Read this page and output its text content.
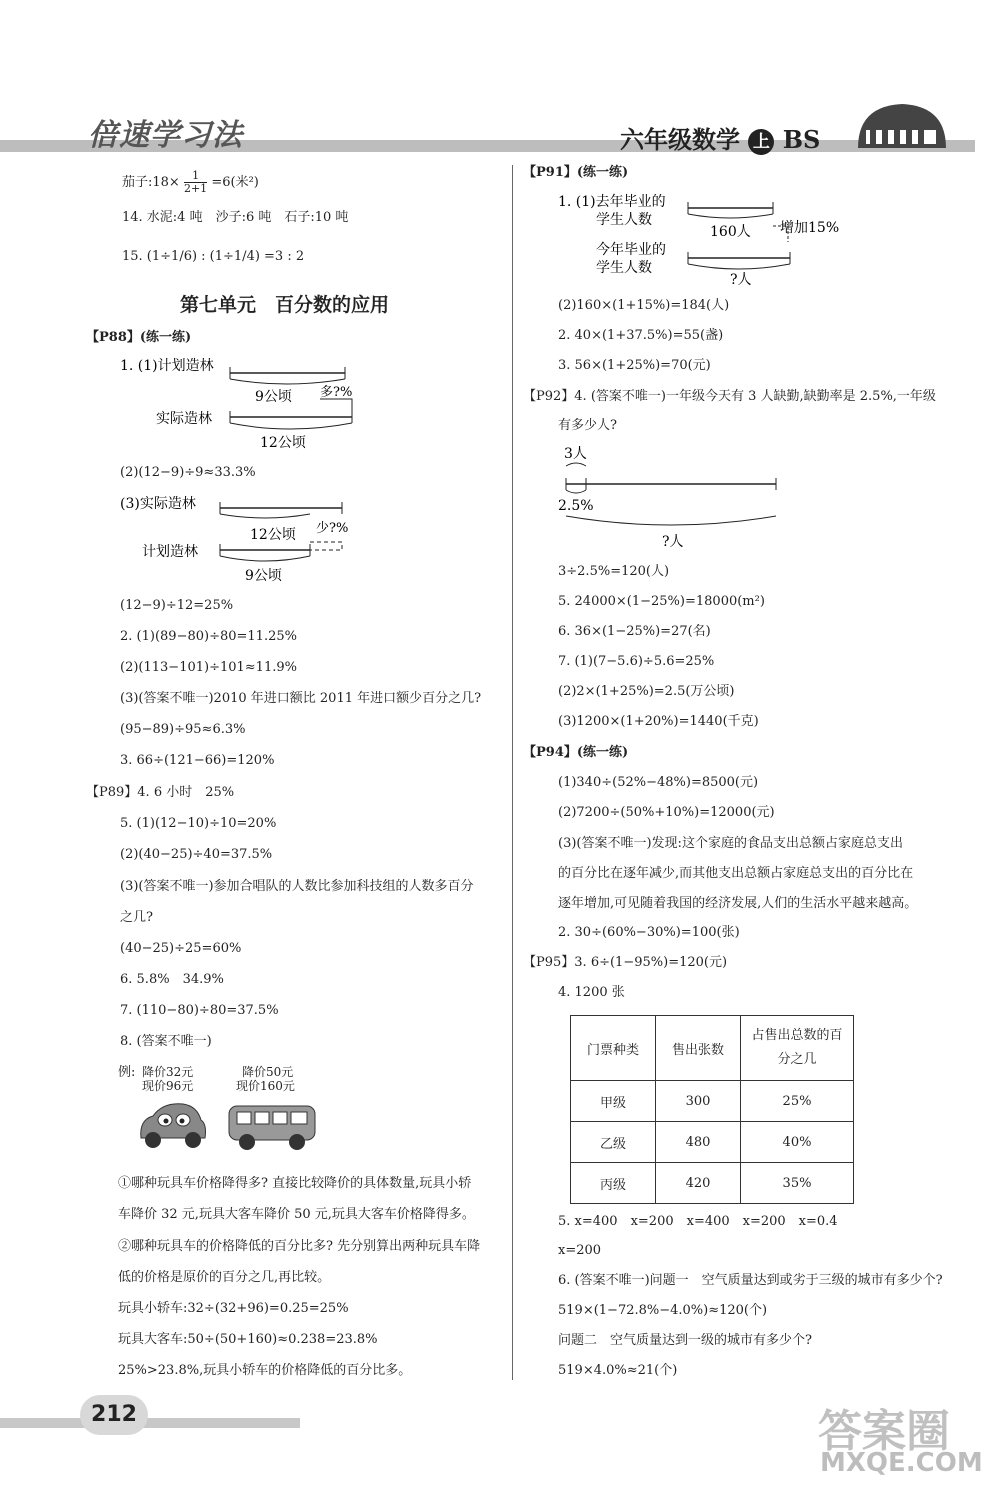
倍速学习法	六年级数学 上 BS
茄子:18× $\frac{1}{2+1} =6$(米²)
14. 水泥:4 吨　沙子:6 吨　石子:10 吨
15. (1÷1/6) : (1÷1/4) =3 : 2
第七单元　百分数的应用
【P88】(练一练)
1. (1)计划造林
9公顷 多?%
实际造林
12公顷
(2)(12−9)÷9≈33.3%
(3)实际造林
12公顷 少?%
计划造林
9公顷
(12−9)÷12=25%
2. (1)(89−80)÷80=11.25%
(2)(113−101)÷101≈11.9%
(3)(答案不唯一)2010 年进口额比 2011 年进口额少百分之几?
(95−89)÷95≈6.3%
3. 66÷(121−66)=120%
【P89】4. 6 小时　25%
5. (1)(12−10)÷10=20%
(2)(40−25)÷40=37.5%
(3)(答案不唯一)参加合唱队的人数比参加科技组的人数多百分
之几?
(40−25)÷25=60%
6. 5.8%　34.9%
7. (110−80)÷80=37.5%
8. (答案不唯一)
例: 降价32元
现价96元
降价50元
现价160元
①哪种玩具车价格降得多? 直接比较降价的具体数量,玩具小轿
车降价 32 元,玩具大客车降价 50 元,玩具大客车价格降得多。
②哪种玩具车的价格降低的百分比多? 先分别算出两种玩具车降
低的价格是原价的百分之几,再比较。
玩具小轿车:32÷(32+96)=0.25=25%
玩具大客车:50÷(50+160)≈0.238=23.8%
25%>23.8%,玩具小轿车的价格降低的百分比多。
【P91】(练一练)
1. (1)去年毕业的
学生人数
160人 增加15%
今年毕业的
学生人数
?人
(2)160×(1+15%)=184(人)
2. 40×(1+37.5%)=55(盏)
3. 56×(1+25%)=70(元)
【P92】4. (答案不唯一)一年级今天有 3 人缺勤,缺勤率是 2.5%,一年级
有多少人?
3人
2.5%
?人
3÷2.5%=120(人)
5. 24000×(1−25%)=18000(m²)
6. 36×(1−25%)=27(名)
7. (1)(7−5.6)÷5.6=25%
(2)2×(1+25%)=2.5(万公顷)
(3)1200×(1+20%)=1440(千克)
【P94】(练一练)
(1)340÷(52%−48%)=8500(元)
(2)7200÷(50%+10%)=12000(元)
(3)(答案不唯一)发现:这个家庭的食品支出总额占家庭总支出
的百分比在逐年减少,而其他支出总额占家庭总支出的百分比在
逐年增加,可见随着我国的经济发展,人们的生活水平越来越高。
2. 30÷(60%−30%)=100(张)
【P95】3. 6÷(1−95%)=120(元)
4. 1200 张
门票种类	售出张数	占售出总数的百分之几
甲级	300	25%
乙级	480	40%
丙级	420	35%
5. x=400　x=200　x=400　x=200　x=0.4
x=200
6. (答案不唯一)问题一　空气质量达到或劣于三级的城市有多少个?
519×(1−72.8%−4.0%)≈120(个)
问题二　空气质量达到一级的城市有多少个?
519×4.0%≈21(个)
212	答案圈
MXQE.COM
